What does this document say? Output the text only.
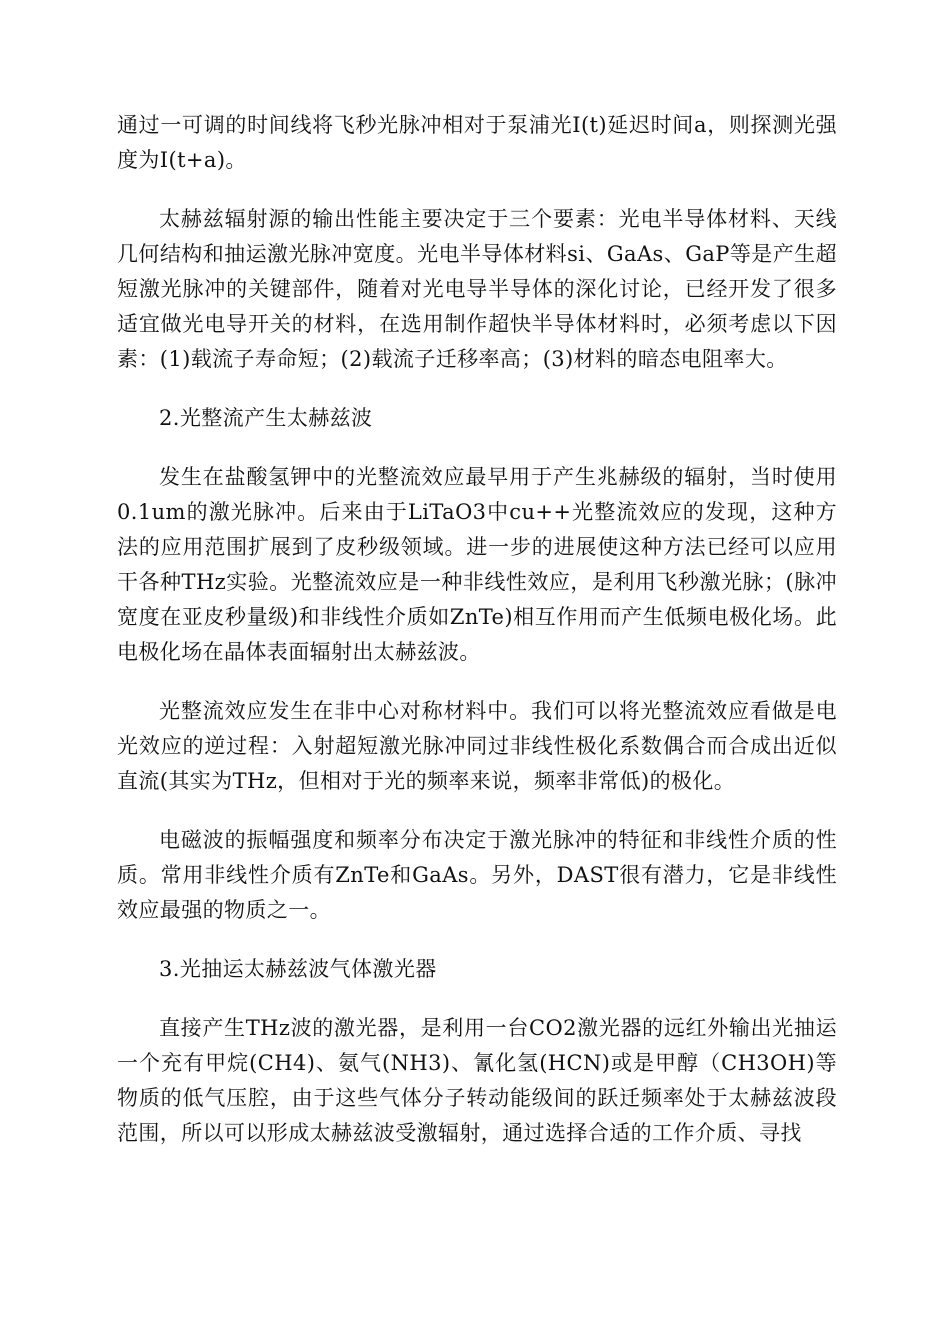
通过一可调的时间线将飞秒光脉冲相对于泵浦光I(t)延迟时间a，则探测光强度为I(t+a)。

太赫兹辐射源的输出性能主要决定于三个要素：光电半导体材料、天线几何结构和抽运激光脉冲宽度。光电半导体材料si、GaAs、GaP等是产生超短激光脉冲的关键部件，随着对光电导半导体的深化讨论，已经开发了很多适宜做光电导开关的材料，在选用制作超快半导体材料时，必须考虑以下因素：(1)载流子寿命短；(2)载流子迁移率高；(3)材料的暗态电阻率大。

2.光整流产生太赫兹波

发生在盐酸氢钾中的光整流效应最早用于产生兆赫级的辐射，当时使用0.1um的激光脉冲。后来由于LiTaO3中cu++光整流效应的发现，这种方法的应用范围扩展到了皮秒级领域。进一步的进展使这种方法已经可以应用干各种THz实验。光整流效应是一种非线性效应，是利用飞秒激光脉；(脉冲宽度在亚皮秒量级)和非线性介质如ZnTe)相互作用而产生低频电极化场。此电极化场在晶体表面辐射出太赫兹波。

光整流效应发生在非中心对称材料中。我们可以将光整流效应看做是电光效应的逆过程：入射超短激光脉冲同过非线性极化系数偶合而合成出近似直流(其实为THz，但相对于光的频率来说，频率非常低)的极化。

电磁波的振幅强度和频率分布决定于激光脉冲的特征和非线性介质的性质。常用非线性介质有ZnTe和GaAs。另外，DAST很有潜力，它是非线性效应最强的物质之一。

3.光抽运太赫兹波气体激光器

直接产生THz波的激光器，是利用一台CO2激光器的远红外输出光抽运一个充有甲烷(CH4)、氨气(NH3)、氰化氢(HCN)或是甲醇（CH3OH)等物质的低气压腔，由于这些气体分子转动能级间的跃迁频率处于太赫兹波段范围，所以可以形成太赫兹波受激辐射，通过选择合适的工作介质、寻找
